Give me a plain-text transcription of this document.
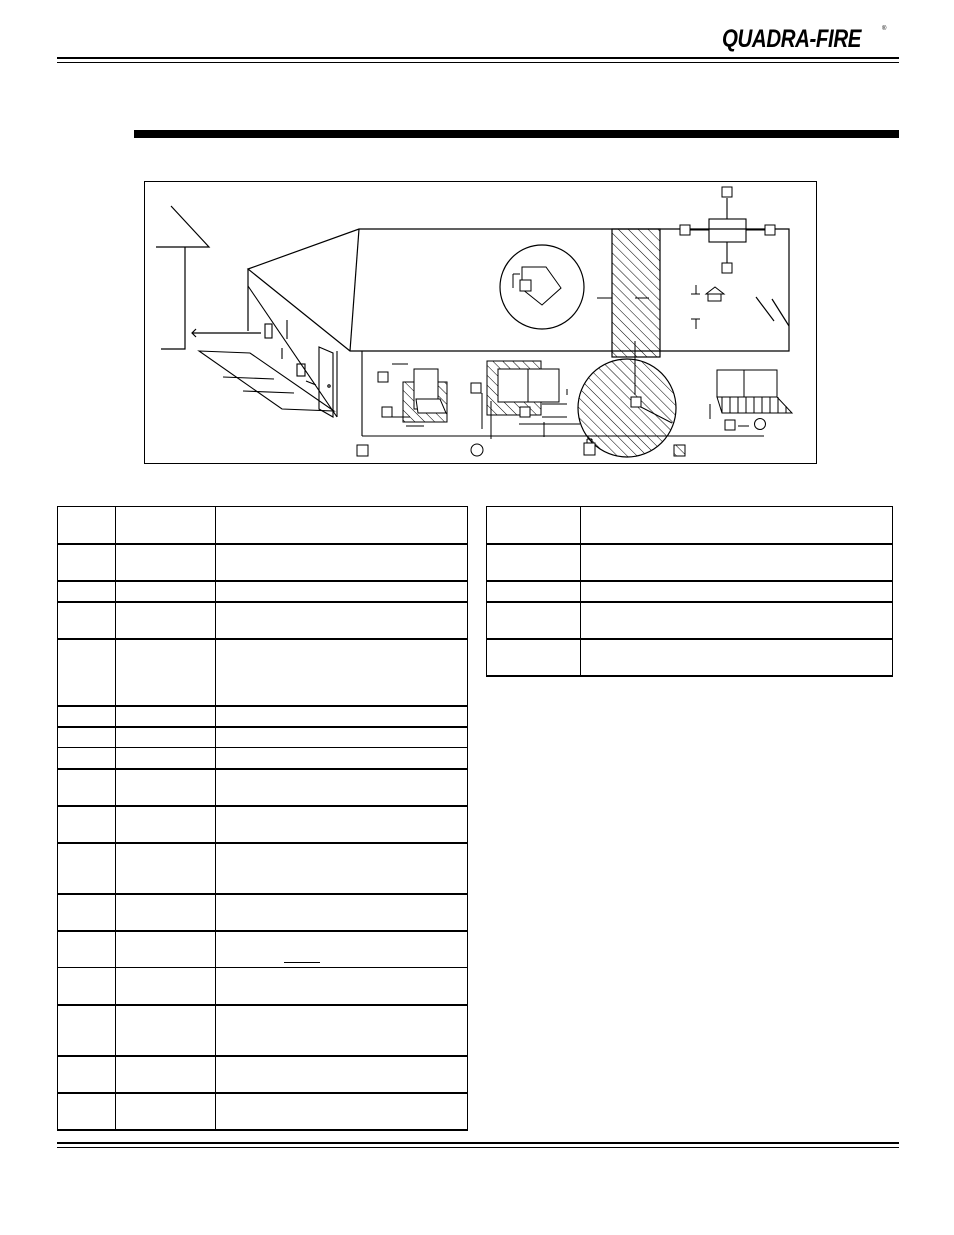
QUADRA-FIRE	®
